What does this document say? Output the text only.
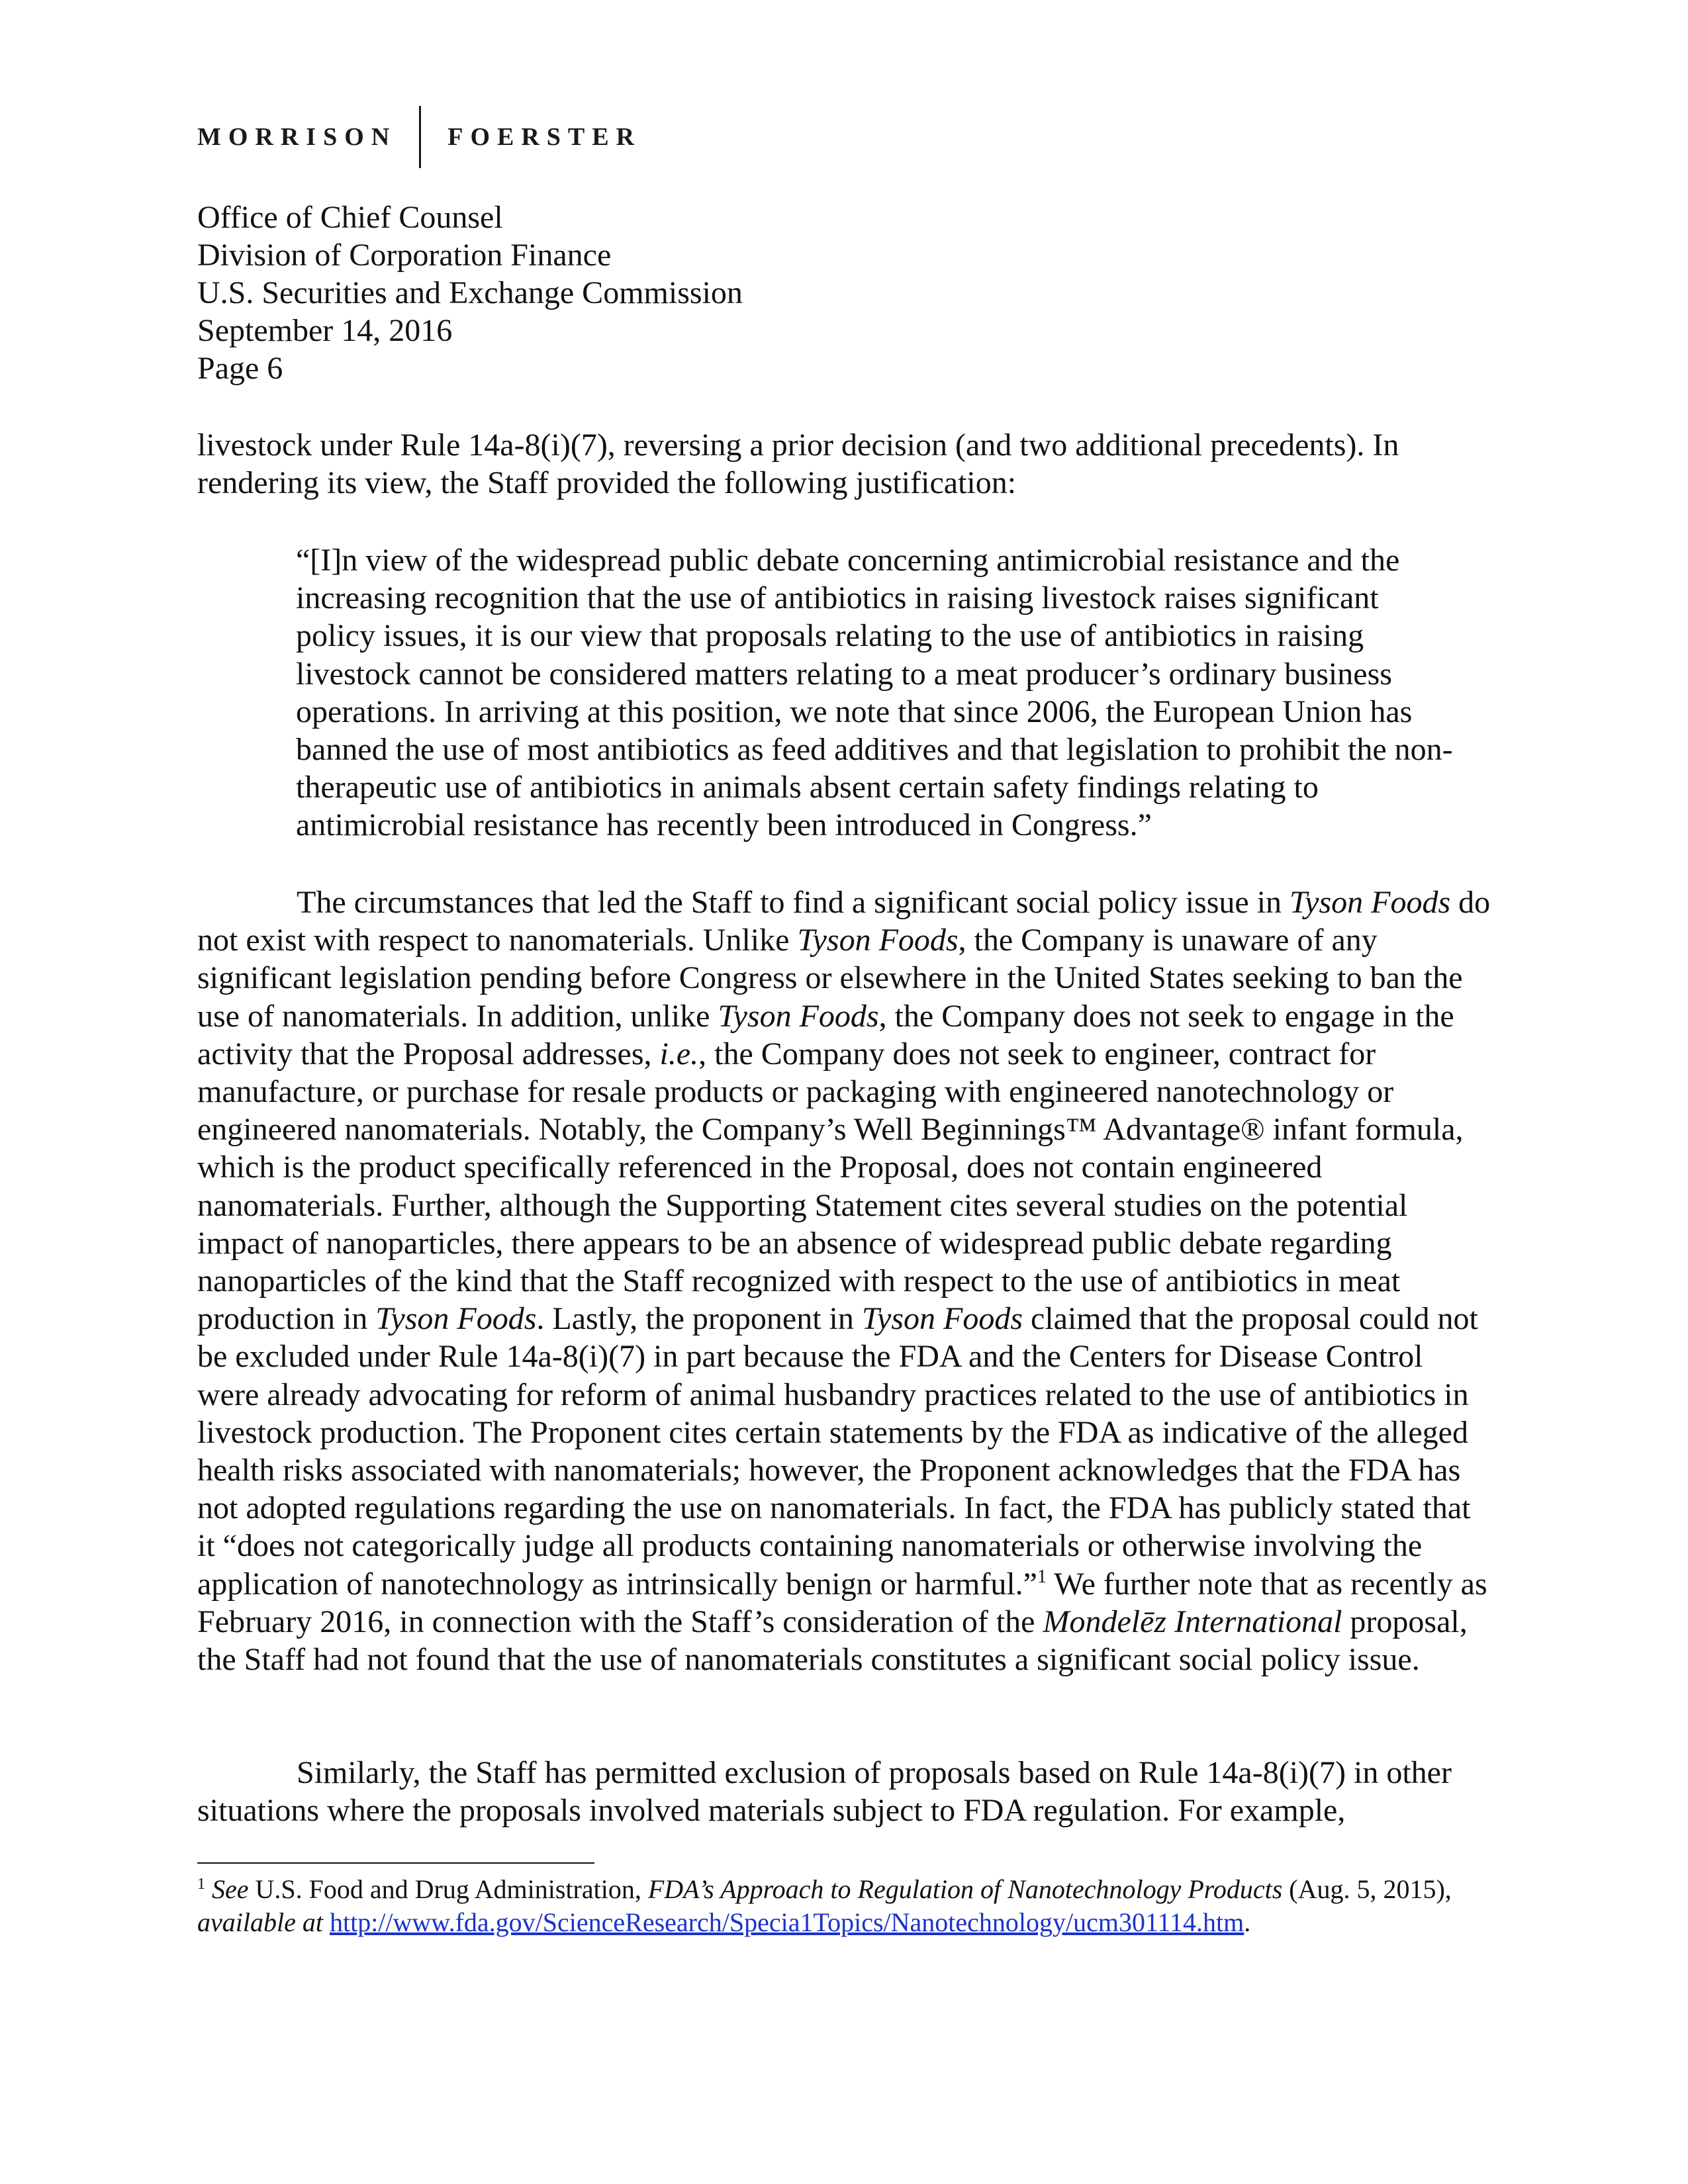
MORRISON FOERSTER
Office of Chief Counsel
Division of Corporation Finance
U.S. Securities and Exchange Commission
September 14, 2016
Page 6

livestock under Rule 14a-8(i)(7), reversing a prior decision (and two additional precedents). In rendering its view, the Staff provided the following justification:

“[I]n view of the widespread public debate concerning antimicrobial resistance and the increasing recognition that the use of antibiotics in raising livestock raises significant policy issues, it is our view that proposals relating to the use of antibiotics in raising livestock cannot be considered matters relating to a meat producer’s ordinary business operations. In arriving at this position, we note that since 2006, the European Union has banned the use of most antibiotics as feed additives and that legislation to prohibit the non-therapeutic use of antibiotics in animals absent certain safety findings relating to antimicrobial resistance has recently been introduced in Congress.”

The circumstances that led the Staff to find a significant social policy issue in Tyson Foods do not exist with respect to nanomaterials. Unlike Tyson Foods, the Company is unaware of any significant legislation pending before Congress or elsewhere in the United States seeking to ban the use of nanomaterials. In addition, unlike Tyson Foods, the Company does not seek to engage in the activity that the Proposal addresses, i.e., the Company does not seek to engineer, contract for manufacture, or purchase for resale products or packaging with engineered nanotechnology or engineered nanomaterials. Notably, the Company’s Well Beginnings™ Advantage® infant formula, which is the product specifically referenced in the Proposal, does not contain engineered nanomaterials. Further, although the Supporting Statement cites several studies on the potential impact of nanoparticles, there appears to be an absence of widespread public debate regarding nanoparticles of the kind that the Staff recognized with respect to the use of antibiotics in meat production in Tyson Foods. Lastly, the proponent in Tyson Foods claimed that the proposal could not be excluded under Rule 14a-8(i)(7) in part because the FDA and the Centers for Disease Control were already advocating for reform of animal husbandry practices related to the use of antibiotics in livestock production. The Proponent cites certain statements by the FDA as indicative of the alleged health risks associated with nanomaterials; however, the Proponent acknowledges that the FDA has not adopted regulations regarding the use on nanomaterials. In fact, the FDA has publicly stated that it “does not categorically judge all products containing nanomaterials or otherwise involving the application of nanotechnology as intrinsically benign or harmful.”$^1$ We further note that as recently as February 2016, in connection with the Staff’s consideration of the Mondelēz International proposal, the Staff had not found that the use of nanomaterials constitutes a significant social policy issue.

Similarly, the Staff has permitted exclusion of proposals based on Rule 14a-8(i)(7) in other situations where the proposals involved materials subject to FDA regulation. For example,

$^1$ See U.S. Food and Drug Administration, FDA’s Approach to Regulation of Nanotechnology Products (Aug. 5, 2015), available at http://www.fda.gov/ScienceResearch/Specia1Topics/Nanotechnology/ucm301114.htm.
